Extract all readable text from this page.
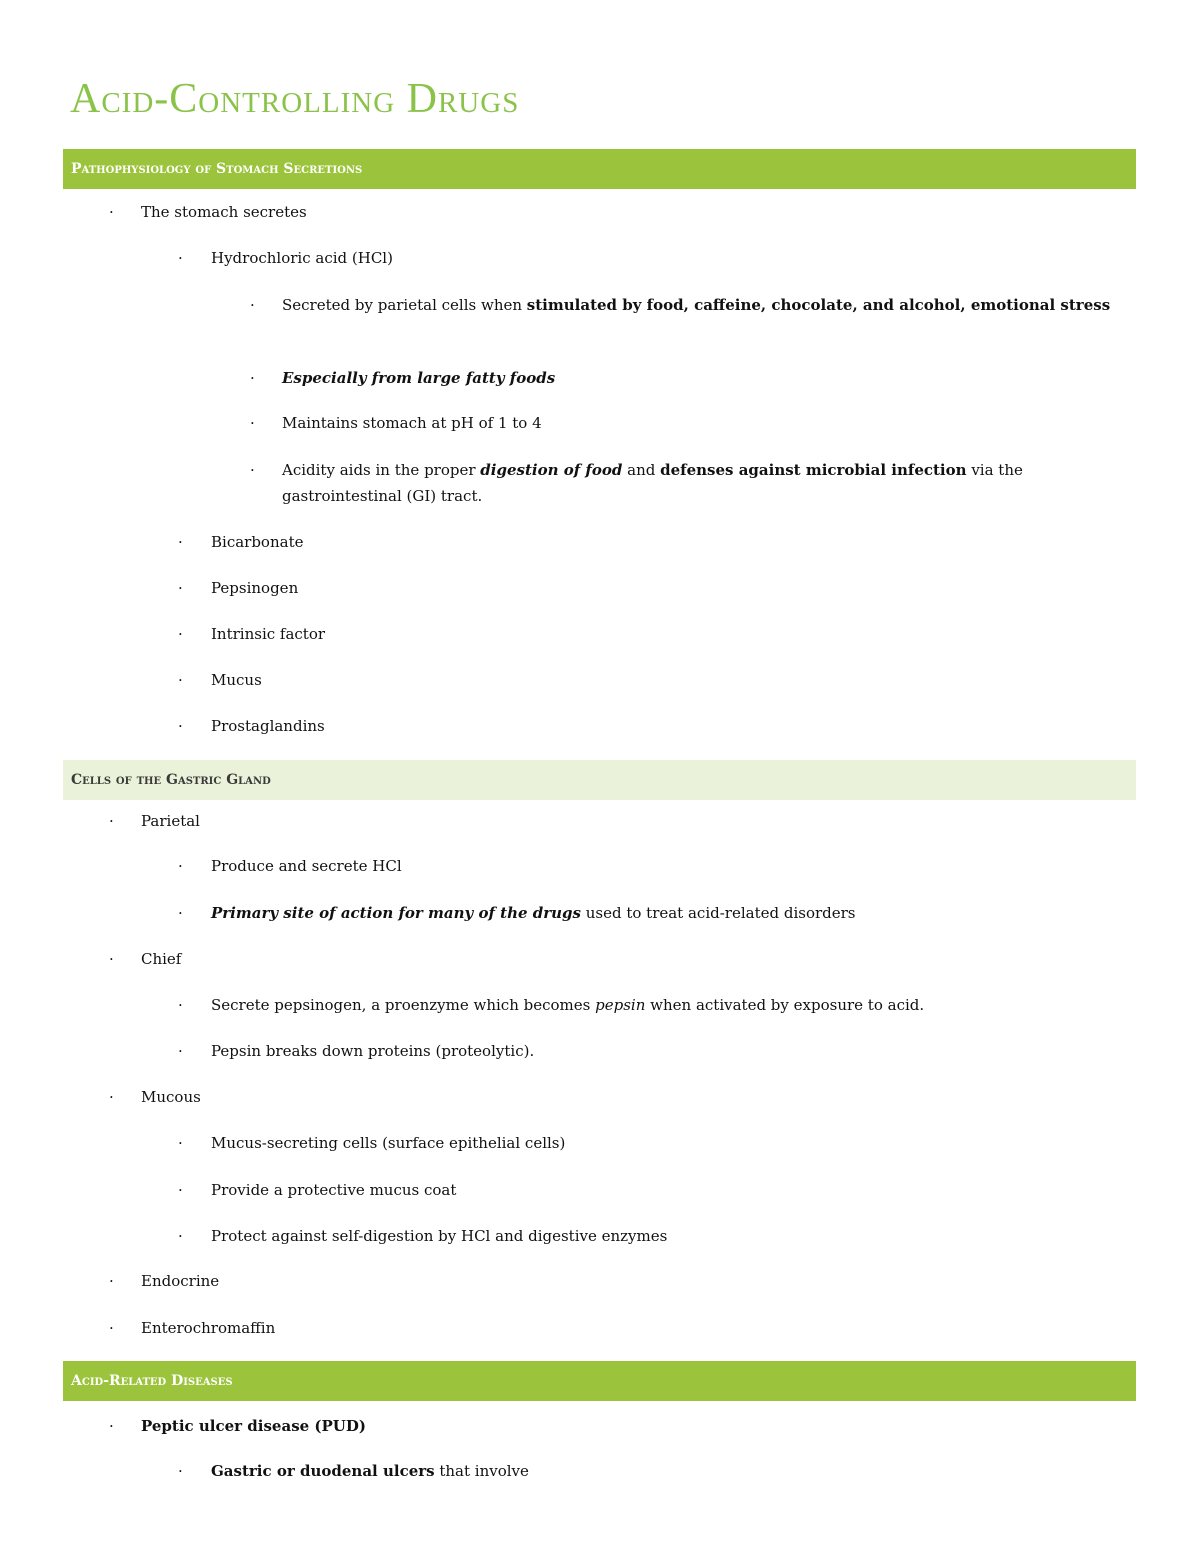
Acid-Controlling Drugs
Pathophysiology of Stomach Secretions
· The stomach secretes
· Hydrochloric acid (HCl)
· Secreted by parietal cells when stimulated by food, caffeine, chocolate, and alcohol, emotional stress
· Especially from large fatty foods
· Maintains stomach at pH of 1 to 4
· Acidity aids in the proper digestion of food and defenses against microbial infection via the gastrointestinal (GI) tract.
· Bicarbonate
· Pepsinogen
· Intrinsic factor
· Mucus
· Prostaglandins
Cells of the Gastric Gland
· Parietal
· Produce and secrete HCl
· Primary site of action for many of the drugs used to treat acid-related disorders
· Chief
· Secrete pepsinogen, a proenzyme which becomes pepsin when activated by exposure to acid.
· Pepsin breaks down proteins (proteolytic).
· Mucous
· Mucus-secreting cells (surface epithelial cells)
· Provide a protective mucus coat
· Protect against self-digestion by HCl and digestive enzymes
· Endocrine
· Enterochromaffin
Acid-Related Diseases
· Peptic ulcer disease (PUD)
· Gastric or duodenal ulcers that involve
